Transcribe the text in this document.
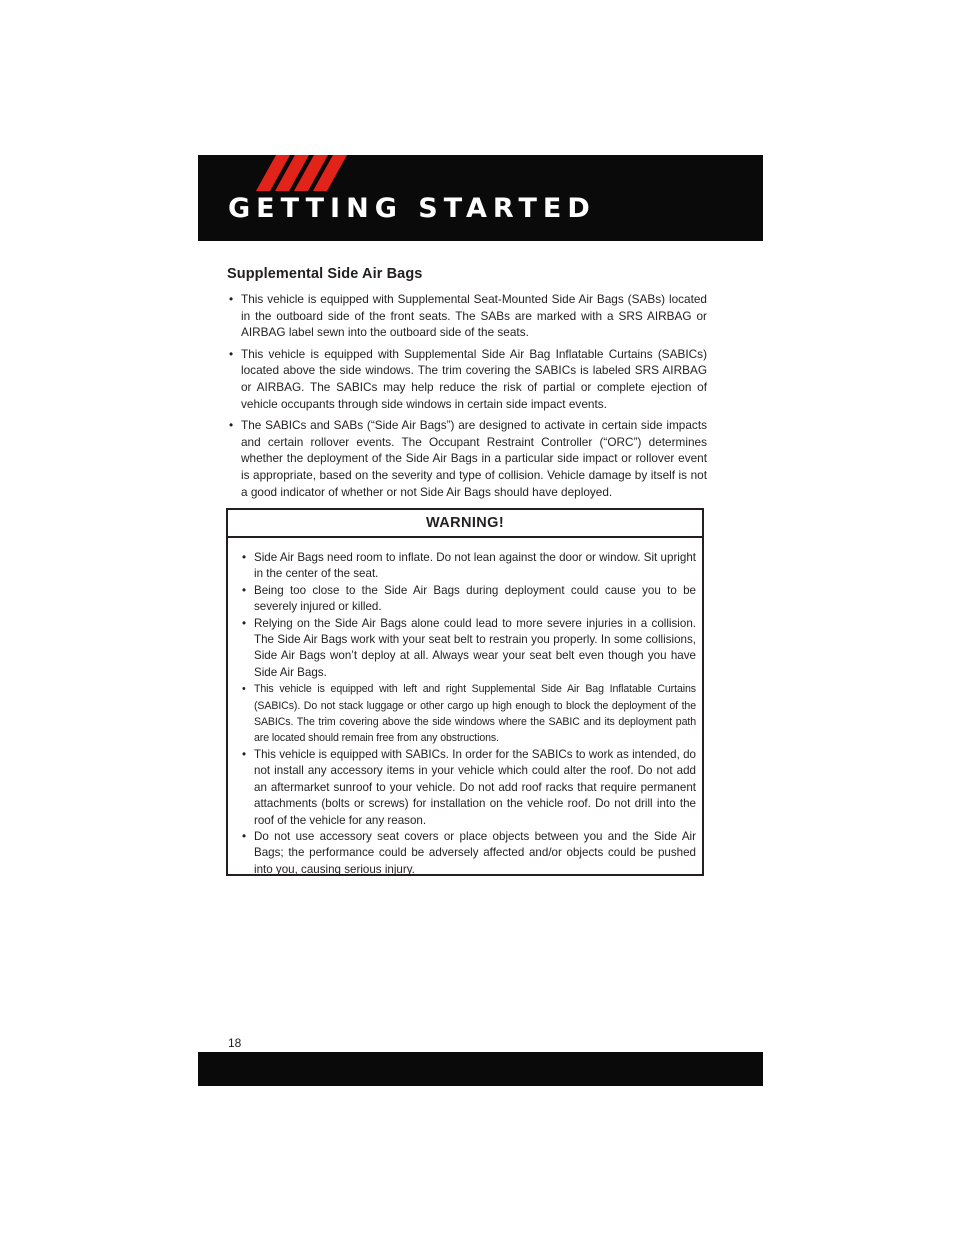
GETTING STARTED
Supplemental Side Air Bags
• This vehicle is equipped with Supplemental Seat-Mounted Side Air Bags (SABs) located in the outboard side of the front seats. The SABs are marked with a SRS AIRBAG or AIRBAG label sewn into the outboard side of the seats.
• This vehicle is equipped with Supplemental Side Air Bag Inflatable Curtains (SABICs) located above the side windows. The trim covering the SABICs is labeled SRS AIRBAG or AIRBAG. The SABICs may help reduce the risk of partial or complete ejection of vehicle occupants through side windows in certain side impact events.
• The SABICs and SABs (“Side Air Bags”) are designed to activate in certain side impacts and certain rollover events. The Occupant Restraint Controller (“ORC”) determines whether the deployment of the Side Air Bags in a particular side impact or rollover event is appropriate, based on the severity and type of collision. Vehicle damage by itself is not a good indicator of whether or not Side Air Bags should have deployed.
WARNING!
• Side Air Bags need room to inflate. Do not lean against the door or window. Sit upright in the center of the seat.
• Being too close to the Side Air Bags during deployment could cause you to be severely injured or killed.
• Relying on the Side Air Bags alone could lead to more severe injuries in a collision. The Side Air Bags work with your seat belt to restrain you properly. In some collisions, Side Air Bags won’t deploy at all. Always wear your seat belt even though you have Side Air Bags.
• This vehicle is equipped with left and right Supplemental Side Air Bag Inflatable Curtains (SABICs). Do not stack luggage or other cargo up high enough to block the deployment of the SABICs. The trim covering above the side windows where the SABIC and its deployment path are located should remain free from any obstructions.
• This vehicle is equipped with SABICs. In order for the SABICs to work as intended, do not install any accessory items in your vehicle which could alter the roof. Do not add an aftermarket sunroof to your vehicle. Do not add roof racks that require permanent attachments (bolts or screws) for installation on the vehicle roof. Do not drill into the roof of the vehicle for any reason.
• Do not use accessory seat covers or place objects between you and the Side Air Bags; the performance could be adversely affected and/or objects could be pushed into you, causing serious injury.
18
